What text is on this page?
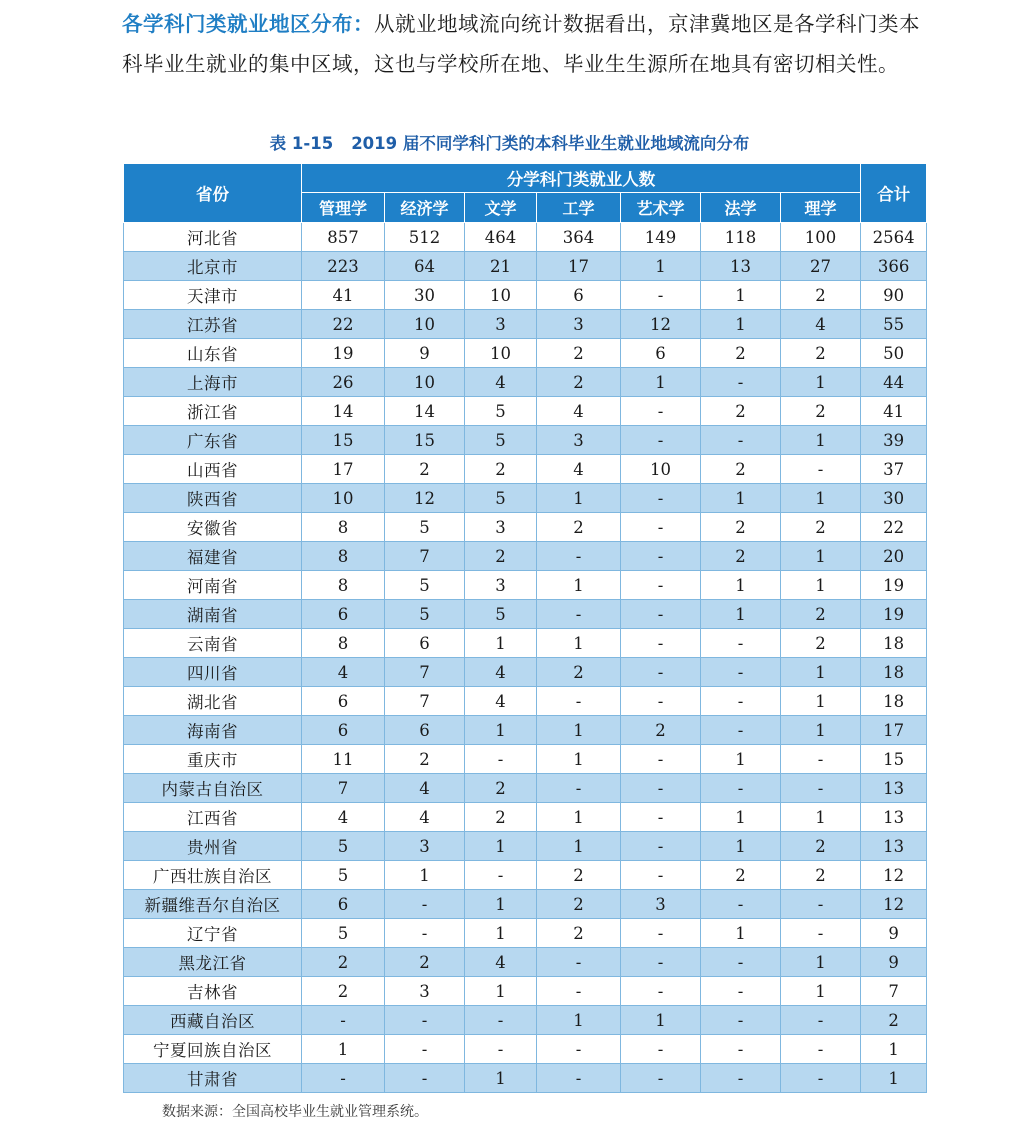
各学科门类就业地区分布：从就业地域流向统计数据看出，京津冀地区是各学科门类本科毕业生就业的集中区域，这也与学校所在地、毕业生生源所在地具有密切相关性。

表 1-15 2019 届不同学科门类的本科毕业生就业地域流向分布
省份	分学科门类就业人数							合计
	管理学	经济学	文学	工学	艺术学	法学	理学	
河北省	857	512	464	364	149	118	100	2564
北京市	223	64	21	17	1	13	27	366
天津市	41	30	10	6	-	1	2	90
江苏省	22	10	3	3	12	1	4	55
山东省	19	9	10	2	6	2	2	50
上海市	26	10	4	2	1	-	1	44
浙江省	14	14	5	4	-	2	2	41
广东省	15	15	5	3	-	-	1	39
山西省	17	2	2	4	10	2	-	37
陕西省	10	12	5	1	-	1	1	30
安徽省	8	5	3	2	-	2	2	22
福建省	8	7	2	-	-	2	1	20
河南省	8	5	3	1	-	1	1	19
湖南省	6	5	5	-	-	1	2	19
云南省	8	6	1	1	-	-	2	18
四川省	4	7	4	2	-	-	1	18
湖北省	6	7	4	-	-	-	1	18
海南省	6	6	1	1	2	-	1	17
重庆市	11	2	-	1	-	1	-	15
内蒙古自治区	7	4	2	-	-	-	-	13
江西省	4	4	2	1	-	1	1	13
贵州省	5	3	1	1	-	1	2	13
广西壮族自治区	5	1	-	2	-	2	2	12
新疆维吾尔自治区	6	-	1	2	3	-	-	12
辽宁省	5	-	1	2	-	1	-	9
黑龙江省	2	2	4	-	-	-	1	9
吉林省	2	3	1	-	-	-	1	7
西藏自治区	-	-	-	1	1	-	-	2
宁夏回族自治区	1	-	-	-	-	-	-	1
甘肃省	-	-	1	-	-	-	-	1
数据来源：全国高校毕业生就业管理系统。
